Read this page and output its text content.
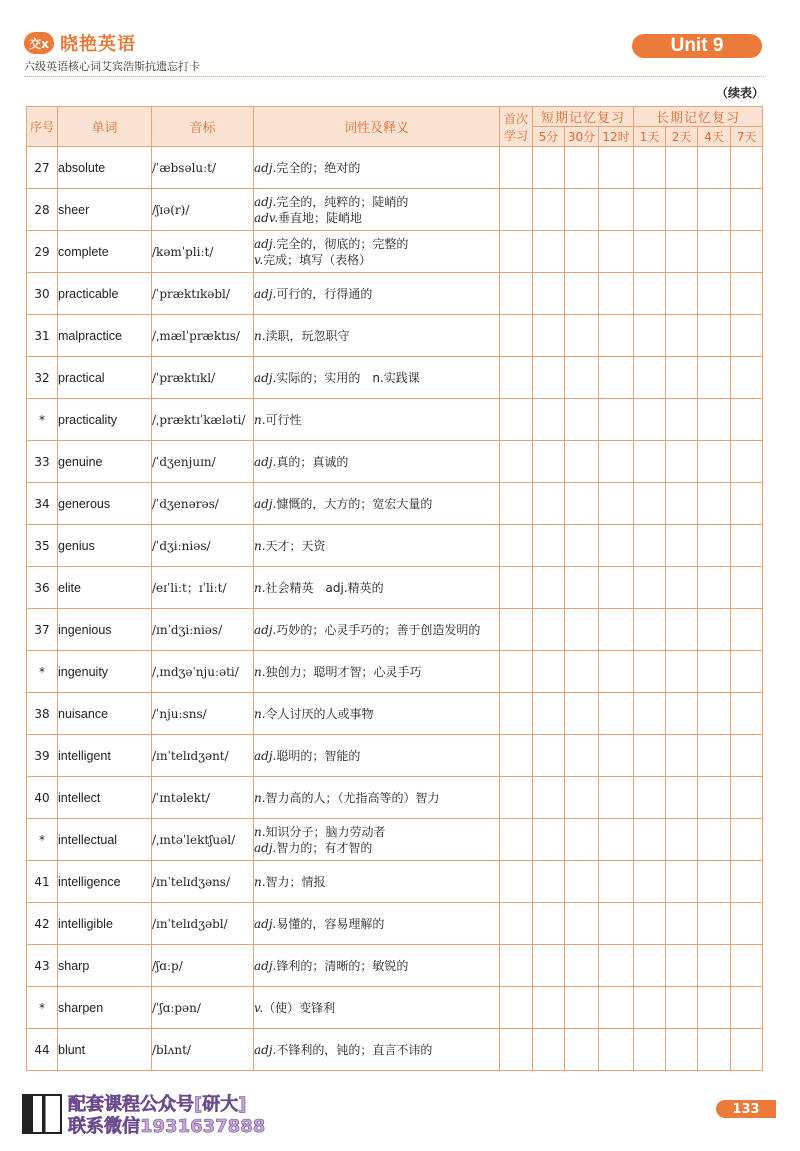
交x 晓艳英语
六级英语核心词艾宾浩斯抗遗忘打卡
Unit 9
（续表）
序号	单词	音标	词性及释义	首次学习	短期记忆复习			长期记忆复习			
					5分	30分	12时	1天	2天	4天	7天
27	absolute	/ˈæbsəluːt/	adj.完全的；绝对的								

28	sheer	/ʃɪə(r)/	adj.完全的，纯粹的；陡峭的
adv.垂直地；陡峭地								

29	complete	/kəmˈpliːt/	adj.完全的，彻底的；完整的
v.完成；填写（表格）								

30	practicable	/ˈpræktɪkəbl/	adj.可行的，行得通的								

31	malpractice	/ˌmælˈpræktɪs/	n.渎职，玩忽职守								

32	practical	/ˈpræktɪkl/	adj.实际的；实用的　n.实践课								

*	practicality	/ˌpræktɪˈkæləti/	n.可行性								

33	genuine	/ˈdʒenjuɪn/	adj.真的；真诚的								

34	generous	/ˈdʒenərəs/	adj.慷慨的，大方的；宽宏大量的								

35	genius	/ˈdʒiːniəs/	n.天才；天资								

36	elite	/eɪˈliːt；ɪˈliːt/	n.社会精英　adj.精英的								

37	ingenious	/ɪnˈdʒiːniəs/	adj.巧妙的；心灵手巧的；善于创造发明的								

*	ingenuity	/ˌɪndʒəˈnjuːəti/	n.独创力；聪明才智；心灵手巧								

38	nuisance	/ˈnjuːsns/	n.令人讨厌的人或事物								

39	intelligent	/ɪnˈtelɪdʒənt/	adj.聪明的；智能的								

40	intellect	/ˈɪntəlekt/	n.智力高的人；（尤指高等的）智力								

*	intellectual	/ˌɪntəˈlektʃuəl/	n.知识分子；脑力劳动者
adj.智力的；有才智的								

41	intelligence	/ɪnˈtelɪdʒəns/	n.智力；情报								

42	intelligible	/ɪnˈtelɪdʒəbl/	adj.易懂的，容易理解的								

43	sharp	/ʃɑːp/	adj.锋利的；清晰的；敏锐的								

*	sharpen	/ˈʃɑːpən/	v.（使）变锋利								

44	blunt	/blʌnt/	adj.不锋利的，钝的；直言不讳的								

配套课程公众号[研大]
联系微信1931637888
133
